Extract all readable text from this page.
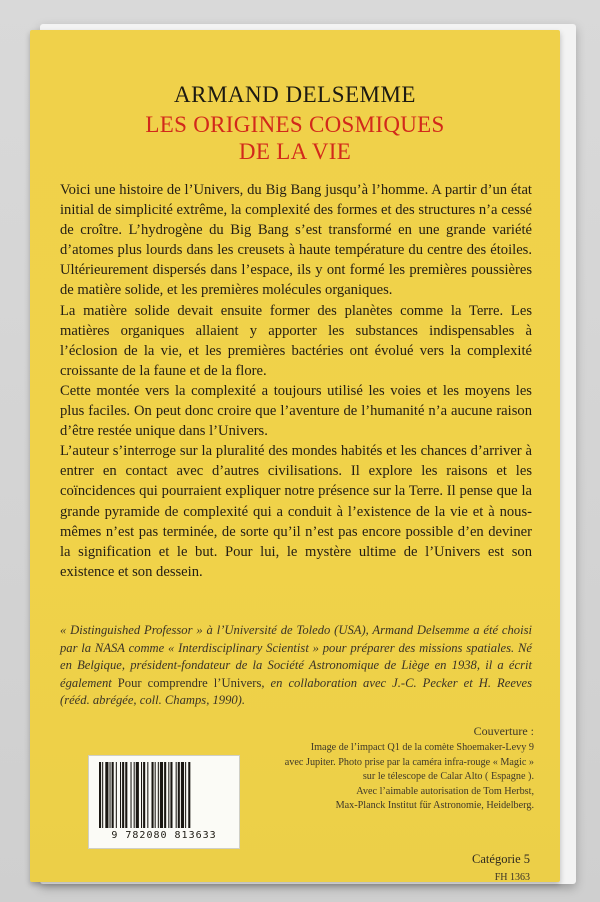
ARMAND DELSEMME
LES ORIGINES COSMIQUES
DE LA VIE

Voici une histoire de l’Univers, du Big Bang jusqu’à l’homme. A partir d’un état initial de simplicité extrême, la complexité des formes et des structures n’a cessé de croître. L’hydrogène du Big Bang s’est transformé en une grande variété d’atomes plus lourds dans les creusets à haute température du centre des étoiles. Ultérieurement dispersés dans l’espace, ils y ont formé les premières poussières de matière solide, et les premières molécules organiques.

La matière solide devait ensuite former des planètes comme la Terre. Les matières organiques allaient y apporter les substances indispensables à l’éclosion de la vie, et les premières bactéries ont évolué vers la complexité croissante de la faune et de la flore.

Cette montée vers la complexité a toujours utilisé les voies et les moyens les plus faciles. On peut donc croire que l’aventure de l’humanité n’a aucune raison d’être restée unique dans l’Univers.

L’auteur s’interroge sur la pluralité des mondes habités et les chances d’arriver à entrer en contact avec d’autres civilisations. Il explore les raisons et les coïncidences qui pourraient expliquer notre présence sur la Terre. Il pense que la grande pyramide de complexité qui a conduit à l’existence de la vie et à nous-mêmes n’est pas terminée, de sorte qu’il n’est pas encore possible d’en deviner la signification et le but. Pour lui, le mystère ultime de l’Univers est son existence et son dessein.

« Distinguished Professor » à l’Université de Toledo (USA), Armand Delsemme a été choisi par la NASA comme « Interdisciplinary Scientist » pour préparer des missions spatiales. Né en Belgique, président-fondateur de la Société Astronomique de Liège en 1938, il a écrit également Pour comprendre l’Univers, en collaboration avec J.-C. Pecker et H. Reeves (rééd. abrégée, coll. Champs, 1990).
Couverture :
Image de l’impact Q1 de la comète Shoemaker-Levy 9
avec Jupiter. Photo prise par la caméra infra-rouge « Magic »
sur le télescope de Calar Alto ( Espagne ).
Avec l’aimable autorisation de Tom Herbst,
Max-Planck Institut für Astronomie, Heidelberg.
9 782080 813633
Catégorie 5
FH 1363
